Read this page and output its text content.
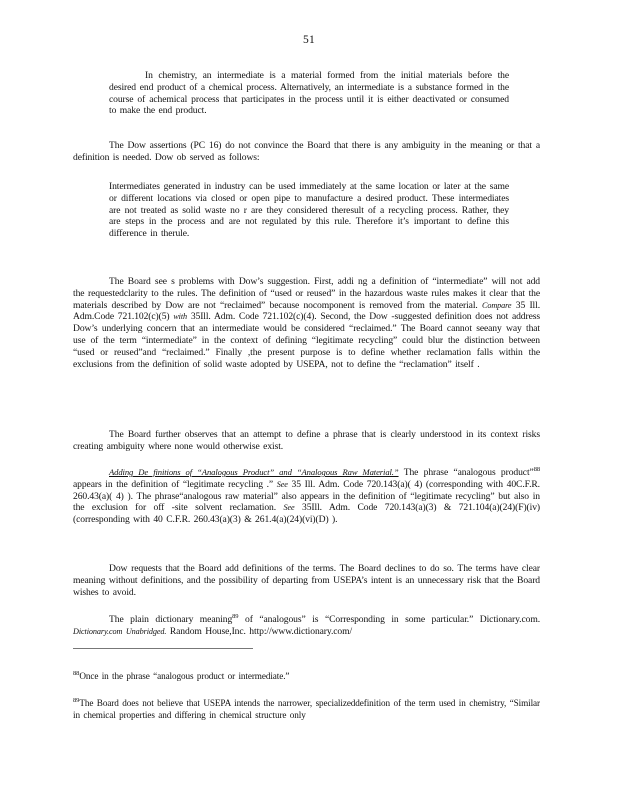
51

In chemistry, an intermediate is a material formed from the initial materials before the desired end product of a chemical process. Alternatively, an intermediate is a substance formed in the course of achemical process that participates in the process until it is either deactivated or consumed to make the end product.

The Dow assertions (PC 16) do not convince the Board that there is any ambiguity in the meaning or that a definition is needed. Dow ob served as follows:

Intermediates generated in industry can be used immediately at the same location or later at the same or different locations via closed or open pipe to manufacture a desired product. These intermediates are not treated as solid waste no r are they considered theresult of a recycling process. Rather, they are steps in the process and are not regulated by this rule. Therefore it’s important to define this difference in therule.

The Board see s problems with Dow’s suggestion. First, addi ng a definition of “intermediate” will not add the requestedclarity to the rules. The definition of “used or reused” in the hazardous waste rules makes it clear that the materials described by Dow are not “reclaimed” because nocomponent is removed from the material. Compare 35 Ill. Adm.Code 721.102(c)(5) with 35Ill. Adm. Code 721.102(c)(4). Second, the Dow -suggested definition does not address Dow’s underlying concern that an intermediate would be considered “reclaimed.” The Board cannot seeany way that use of the term “intermediate” in the context of defining “legitimate recycling” could blur the distinction between “used or reused”and “reclaimed.” Finally ,the present purpose is to define whether reclamation falls within the exclusions from the definition of solid waste adopted by USEPA, not to define the “reclamation” itself .

The Board further observes that an attempt to define a phrase that is clearly understood in its context risks creating ambiguity where none would otherwise exist.

Adding De finitions of “Analogous Product” and “Analogous Raw Material.” The phrase “analogous product”$^{88}$ appears in the definition of “legitimate recycling .” See 35 Ill. Adm. Code 720.143(a)( 4) (corresponding with 40C.F.R. 260.43(a)( 4) ). The phrase“analogous raw material” also appears in the definition of “legitimate recycling” but also in the exclusion for off -site solvent reclamation. See 35Ill. Adm. Code 720.143(a)(3) & 721.104(a)(24)(F)(iv) (corresponding with 40 C.F.R. 260.43(a)(3) & 261.4(a)(24)(vi)(D) ).

Dow requests that the Board add definitions of the terms. The Board declines to do so. The terms have clear meaning without definitions, and the possibility of departing from USEPA’s intent is an unnecessary risk that the Board wishes to avoid.

The plain dictionary meaning$^{89}$ of “analogous” is “Corresponding in some particular.” Dictionary.com. Dictionary.com Unabridged. Random House,Inc. http://www.dictionary.com/

$^{88}$Once in the phrase “analogous product or intermediate.”

$^{89}$The Board does not believe that USEPA intends the narrower, specializeddefinition of the term used in chemistry, “Similar in chemical properties and differing in chemical structure only
